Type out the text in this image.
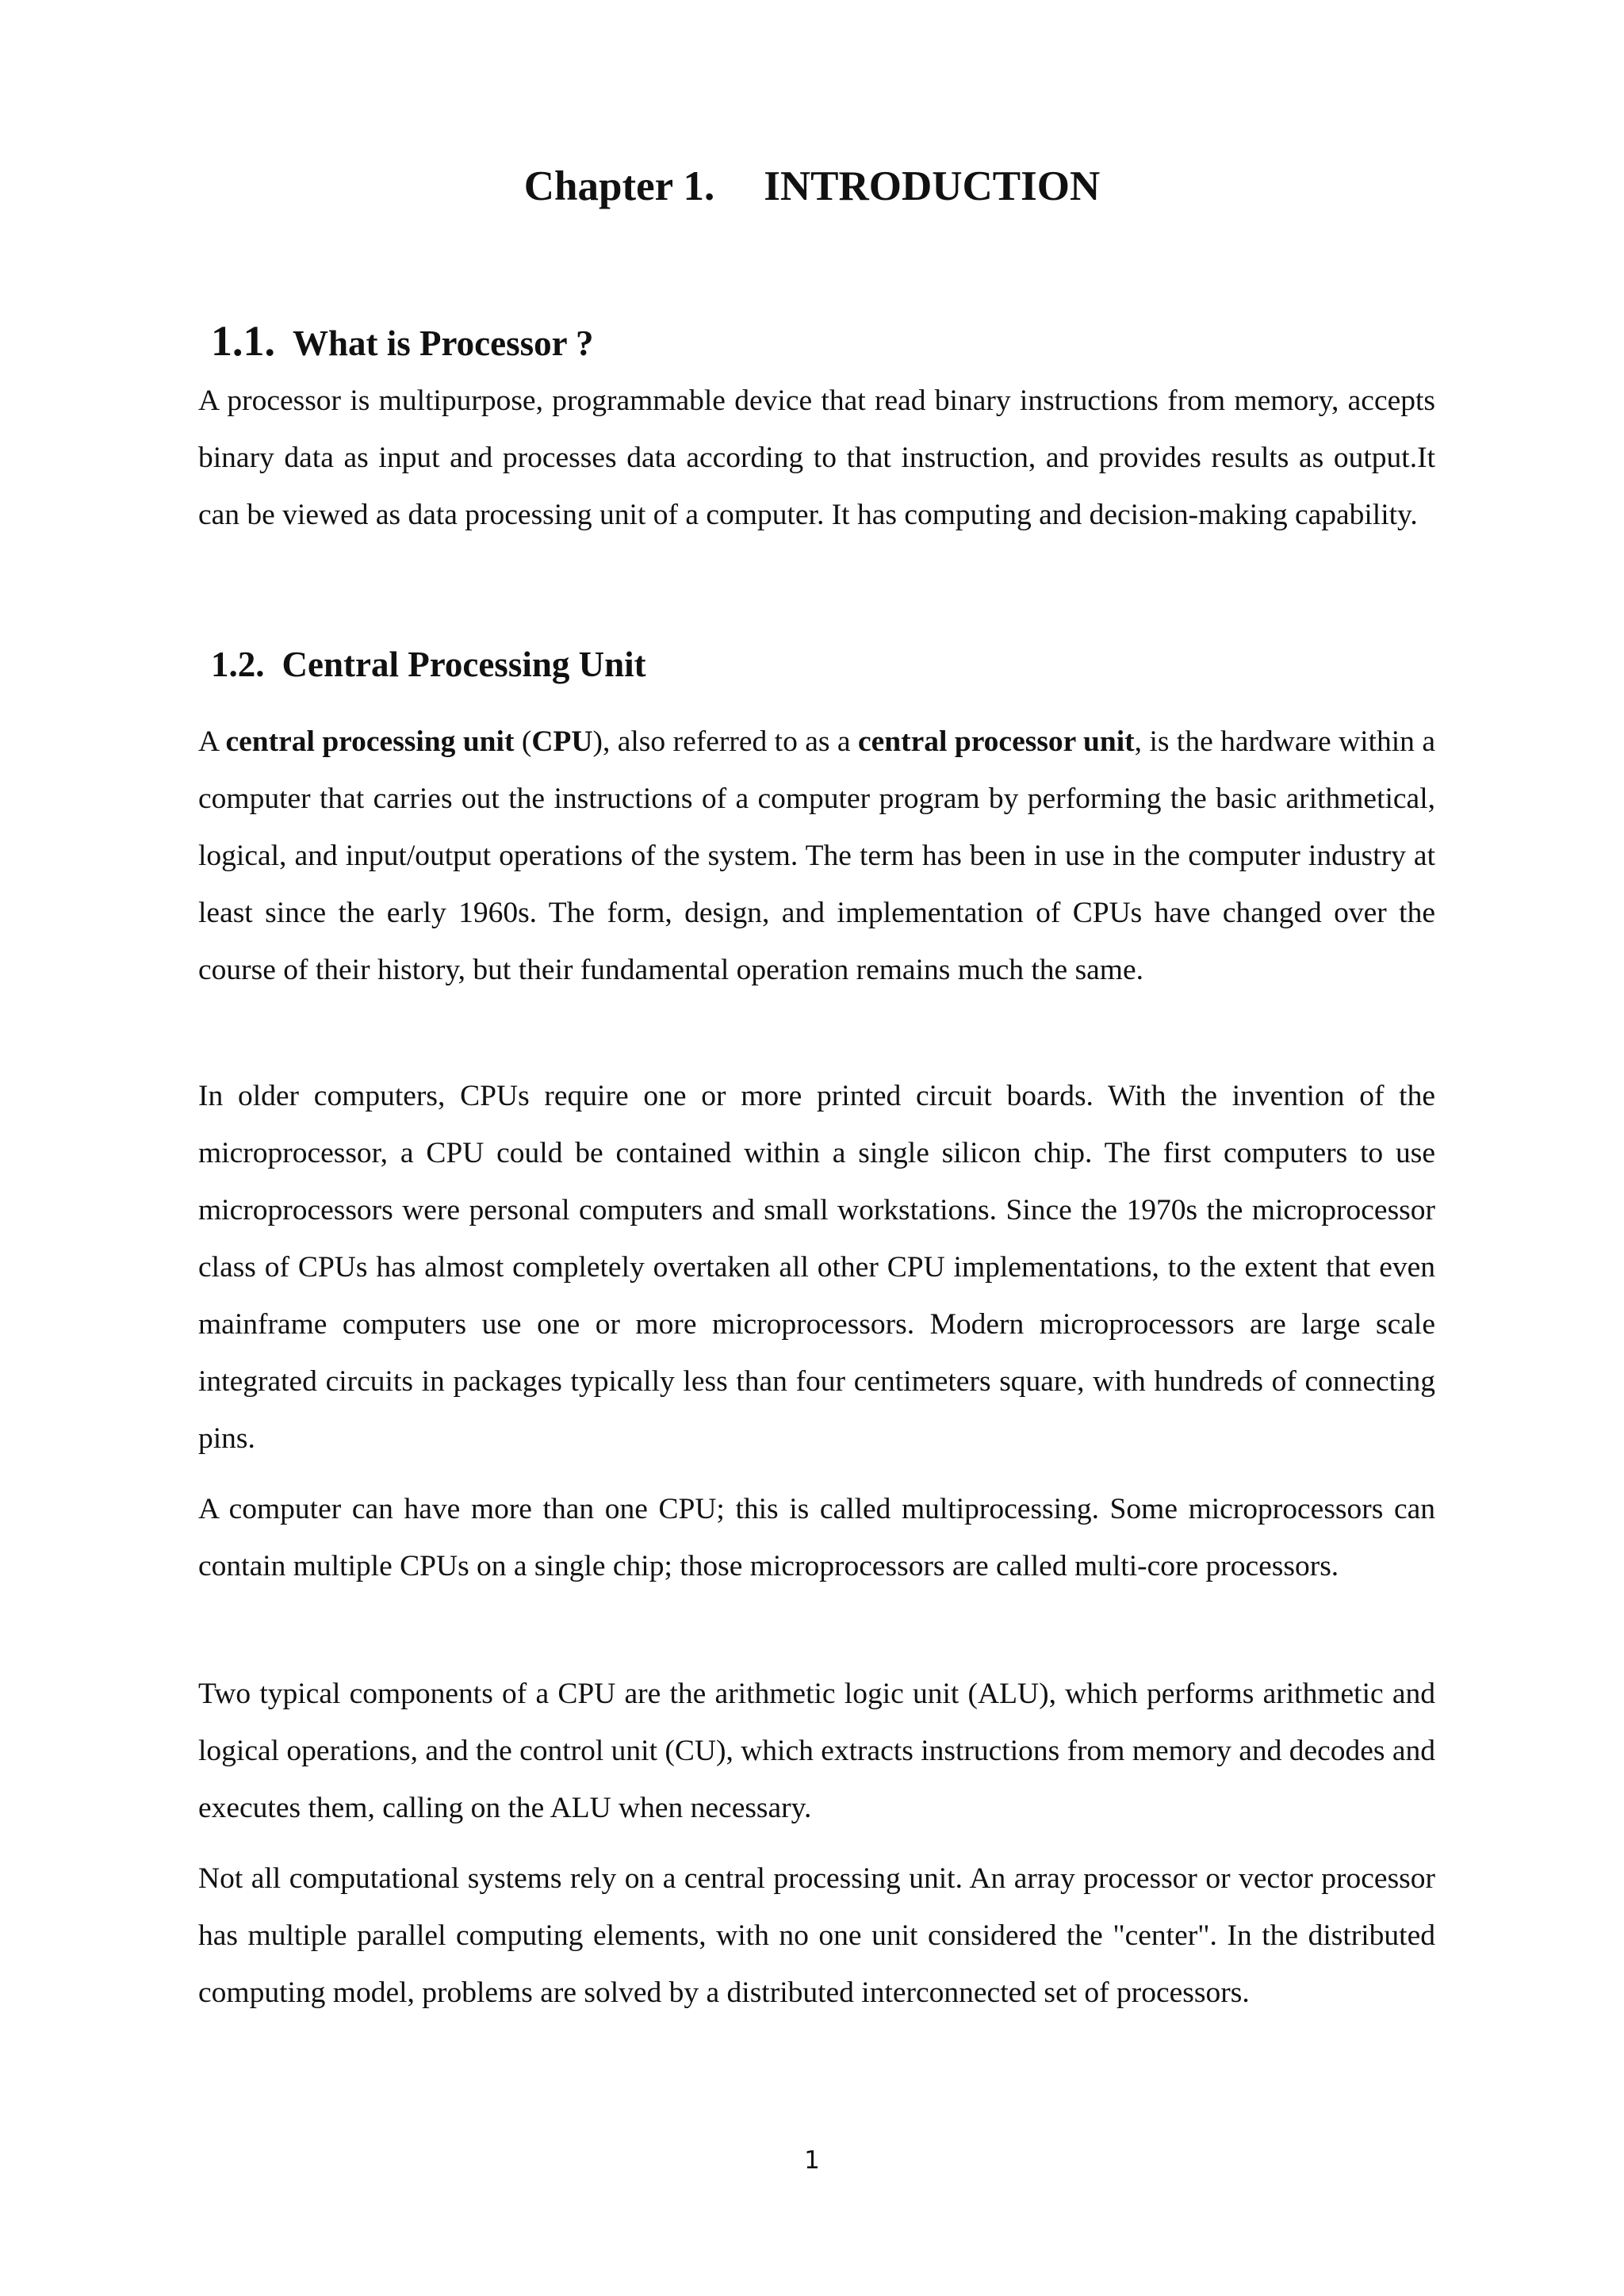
Chapter 1. INTRODUCTION
1.1. What is Processor ?

A processor is multipurpose, programmable device that read binary instructions from memory, accepts binary data as input and processes data according to that instruction, and provides results as output.It can be viewed as data processing unit of a computer. It has computing and decision-making capability.

1.2. Central Processing Unit

A central processing unit (CPU), also referred to as a central processor unit, is the hardware within a computer that carries out the instructions of a computer program by performing the basic arithmetical, logical, and input/output operations of the system. The term has been in use in the computer industry at least since the early 1960s. The form, design, and implementation of CPUs have changed over the course of their history, but their fundamental operation remains much the same.

In older computers, CPUs require one or more printed circuit boards. With the invention of the microprocessor, a CPU could be contained within a single silicon chip. The first computers to use microprocessors were personal computers and small workstations. Since the 1970s the microprocessor class of CPUs has almost completely overtaken all other CPU implementations, to the extent that even mainframe computers use one or more microprocessors. Modern microprocessors are large scale integrated circuits in packages typically less than four centimeters square, with hundreds of connecting pins.

A computer can have more than one CPU; this is called multiprocessing. Some microprocessors can contain multiple CPUs on a single chip; those microprocessors are called multi-core processors.

Two typical components of a CPU are the arithmetic logic unit (ALU), which performs arithmetic and logical operations, and the control unit (CU), which extracts instructions from memory and decodes and executes them, calling on the ALU when necessary.

Not all computational systems rely on a central processing unit. An array processor or vector processor has multiple parallel computing elements, with no one unit considered the "center". In the distributed computing model, problems are solved by a distributed interconnected set of processors.

1
